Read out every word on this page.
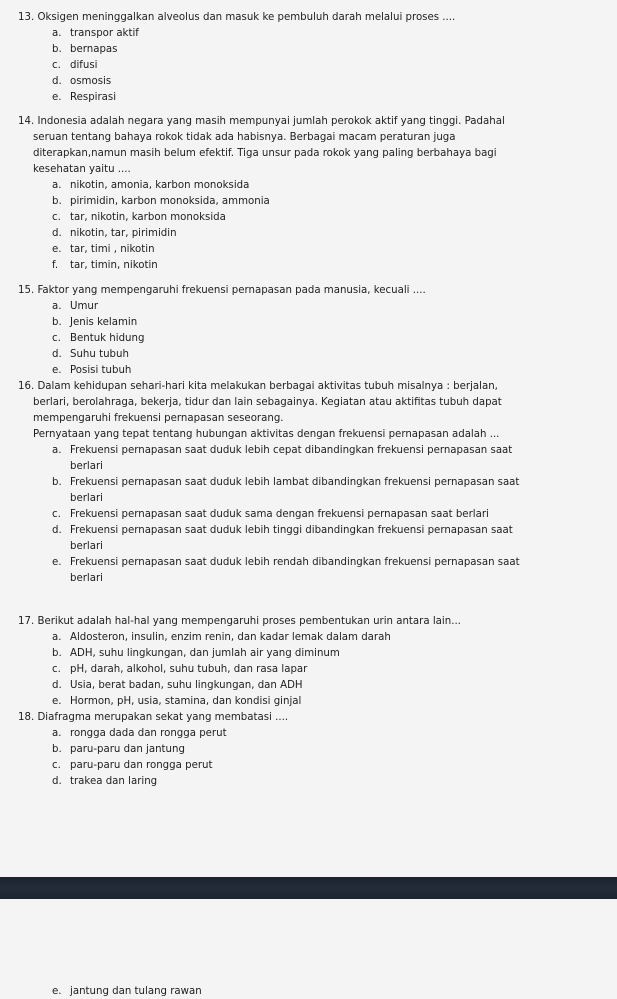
13. Oksigen meninggalkan alveolus dan masuk ke pembuluh darah melalui proses ....
a. transpor aktif
b. bernapas
c. difusi
d. osmosis
e. Respirasi
14. Indonesia adalah negara yang masih mempunyai jumlah perokok aktif yang tinggi. Padahal
seruan tentang bahaya rokok tidak ada habisnya. Berbagai macam peraturan juga
diterapkan,namun masih belum efektif. Tiga unsur pada rokok yang paling berbahaya bagi
kesehatan yaitu ....
a. nikotin, amonia, karbon monoksida
b. pirimidin, karbon monoksida, ammonia
c. tar, nikotin, karbon monoksida
d. nikotin, tar, pirimidin
e. tar, timi , nikotin
f. tar, timin, nikotin
15. Faktor yang mempengaruhi frekuensi pernapasan pada manusia, kecuali ....
a. Umur
b. Jenis kelamin
c. Bentuk hidung
d. Suhu tubuh
e. Posisi tubuh
16. Dalam kehidupan sehari-hari kita melakukan berbagai aktivitas tubuh misalnya : berjalan,
berlari, berolahraga, bekerja, tidur dan lain sebagainya. Kegiatan atau aktifitas tubuh dapat
mempengaruhi frekuensi pernapasan seseorang.
Pernyataan yang tepat tentang hubungan aktivitas dengan frekuensi pernapasan adalah ...
a. Frekuensi pernapasan saat duduk lebih cepat dibandingkan frekuensi pernapasan saat
berlari
b. Frekuensi pernapasan saat duduk lebih lambat dibandingkan frekuensi pernapasan saat
berlari
c. Frekuensi pernapasan saat duduk sama dengan frekuensi pernapasan saat berlari
d. Frekuensi pernapasan saat duduk lebih tinggi dibandingkan frekuensi pernapasan saat
berlari
e. Frekuensi pernapasan saat duduk lebih rendah dibandingkan frekuensi pernapasan saat
berlari
17. Berikut adalah hal-hal yang mempengaruhi proses pembentukan urin antara lain...
a. Aldosteron, insulin, enzim renin, dan kadar lemak dalam darah
b. ADH, suhu lingkungan, dan jumlah air yang diminum
c. pH, darah, alkohol, suhu tubuh, dan rasa lapar
d. Usia, berat badan, suhu lingkungan, dan ADH
e. Hormon, pH, usia, stamina, dan kondisi ginjal
18. Diafragma merupakan sekat yang membatasi ....
a. rongga dada dan rongga perut
b. paru-paru dan jantung
c. paru-paru dan rongga perut
d. trakea dan laring
e. jantung dan tulang rawan
